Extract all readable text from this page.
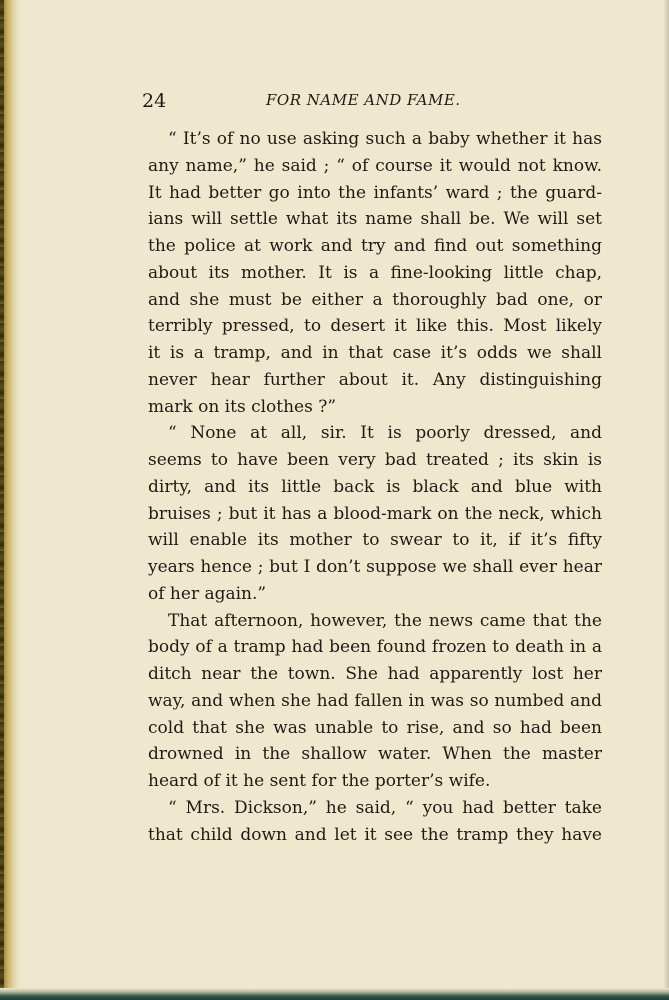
24	FOR NAME AND FAME.
“ It’s of no use asking such a baby whether it has
any name,” he said ; “ of course it would not know.
It had better go into the infants’ ward ; the guard-
ians will settle what its name shall be. We will set
the police at work and try and find out something
about its mother. It is a fine-looking little chap,
and she must be either a thoroughly bad one, or
terribly pressed, to desert it like this. Most likely
it is a tramp, and in that case it’s odds we shall
never hear further about it. Any distinguishing
mark on its clothes ?”
“ None at all, sir. It is poorly dressed, and
seems to have been very bad treated ; its skin is
dirty, and its little back is black and blue with
bruises ; but it has a blood-mark on the neck, which
will enable its mother to swear to it, if it’s fifty
years hence ; but I don’t suppose we shall ever hear
of her again.”
That afternoon, however, the news came that the
body of a tramp had been found frozen to death in a
ditch near the town. She had apparently lost her
way, and when she had fallen in was so numbed and
cold that she was unable to rise, and so had been
drowned in the shallow water. When the master
heard of it he sent for the porter’s wife.
“ Mrs. Dickson,” he said, “ you had better take
that child down and let it see the tramp they have
